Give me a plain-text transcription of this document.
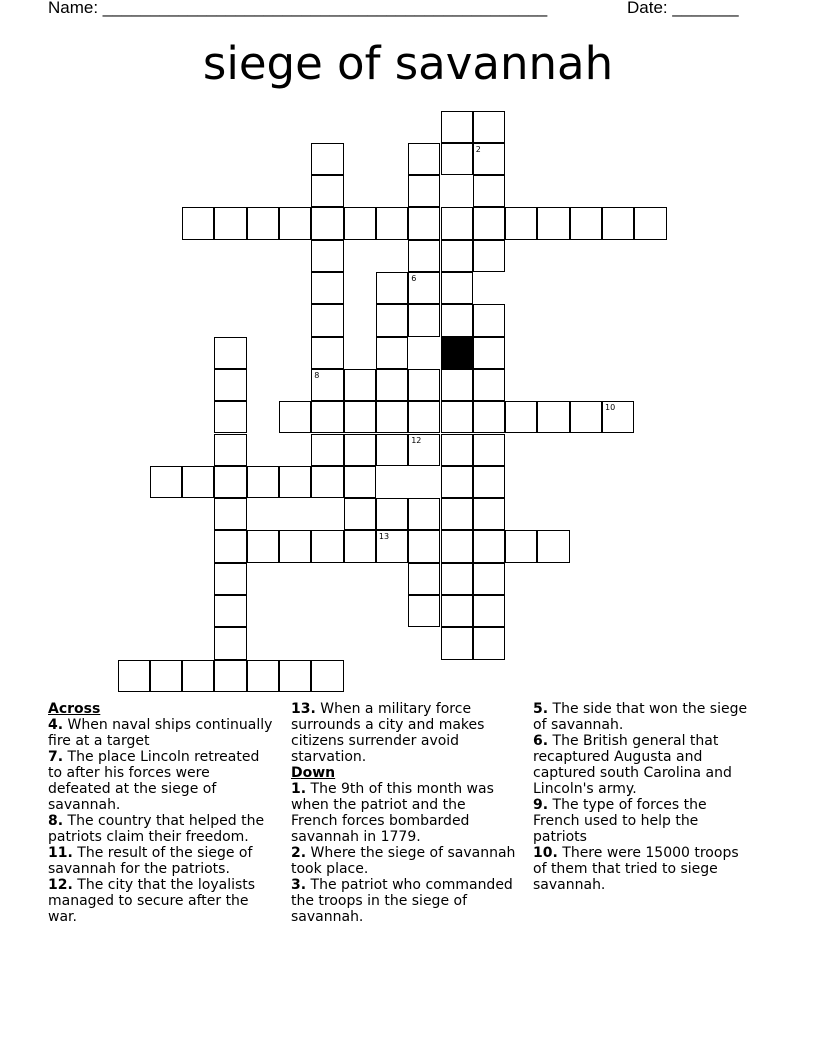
Name: _______________________________________________	Date: _______
siege of savannah
13
10
8
6
12
2
Across
4. When naval ships continually fire at a target
7. The place Lincoln retreated to after his forces were defeated at the siege of savannah.
8. The country that helped the patriots claim their freedom.
11. The result of the siege of savannah for the patriots.
12. The city that the loyalists managed to secure after the war.
13. When a military force surrounds a city and makes citizens surrender avoid starvation.
Down
1. The 9th of this month was when the patriot and the French forces bombarded savannah in 1779.
2. Where the siege of savannah took place.
3. The patriot who commanded the troops in the siege of savannah.
5. The side that won the siege of savannah.
6. The British general that recaptured Augusta and captured south Carolina and Lincoln's army.
9. The type of forces the French used to help the patriots
10. There were 15000 troops of them that tried to siege savannah.
